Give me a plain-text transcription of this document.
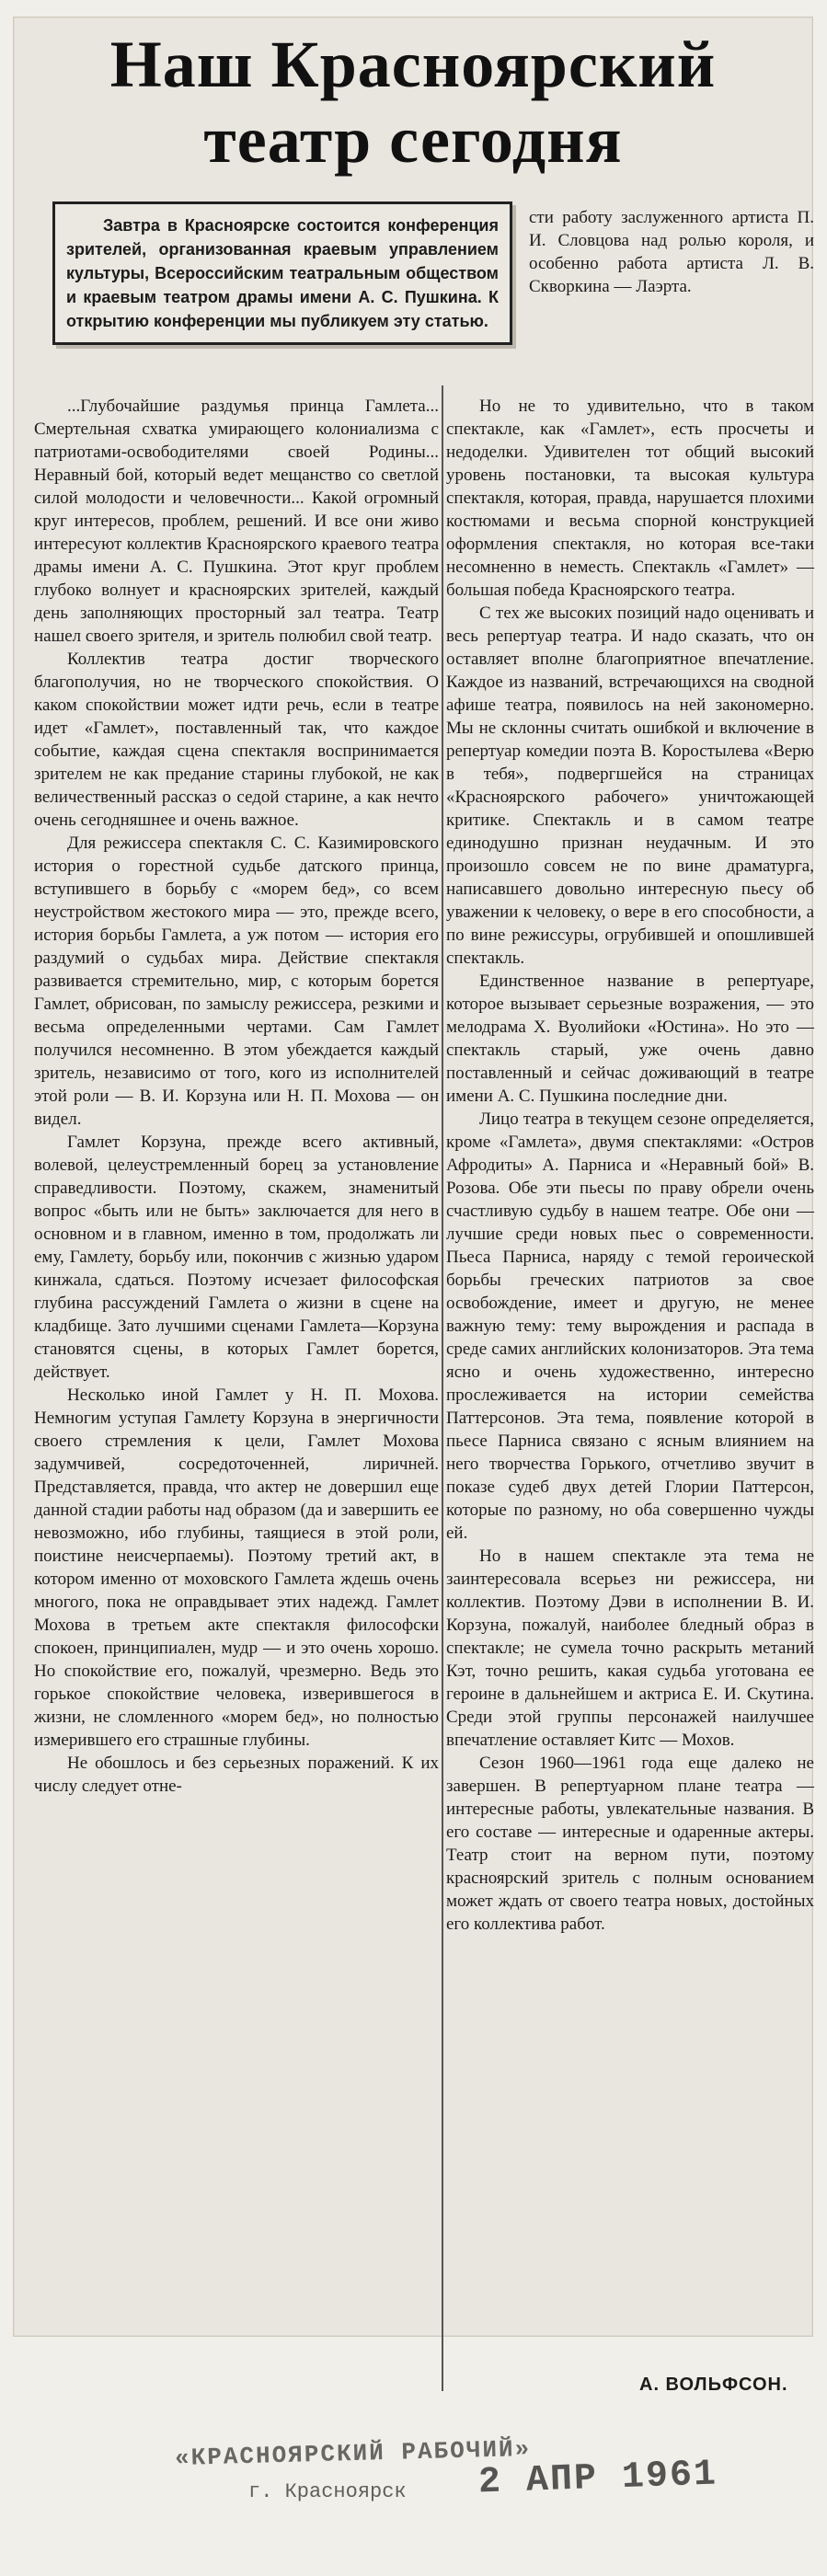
Наш Красноярский
театр сегодня
Завтра в Красноярске состоится конференция зрителей, организованная краевым управлением культуры, Всероссийским театральным обществом и краевым театром драмы имени А. С. Пушкина. К открытию конференции мы публикуем эту статью.

сти работу заслуженного артиста П. И. Словцова над ролью короля, и особенно работа артиста Л. В. Скворкина — Лаэрта.

...Глубочайшие раздумья принца Гамлета... Смертельная схватка умирающего колониализма с патриотами-освободителями своей Родины... Неравный бой, который ведет мещанство со светлой силой молодости и человечности... Какой огромный круг интересов, проблем, решений. И все они живо интересуют коллектив Красноярского краевого театра драмы имени А. С. Пушкина. Этот круг проблем глубоко волнует и красноярских зрителей, каждый день заполняющих просторный зал театра. Театр нашел своего зрителя, и зритель полюбил свой театр.

Коллектив театра достиг творческого благополучия, но не творческого спокойствия. О каком спокойствии может идти речь, если в театре идет «Гамлет», поставленный так, что каждое событие, каждая сцена спектакля воспринимается зрителем не как предание старины глубокой, не как величественный рассказ о седой старине, а как нечто очень сегодняшнее и очень важное.

Для режиссера спектакля С. С. Казимировского история о горестной судьбе датского принца, вступившего в борьбу с «морем бед», со всем неустройством жестокого мира — это, прежде всего, история борьбы Гамлета, а уж потом — история его раздумий о судьбах мира. Действие спектакля развивается стремительно, мир, с которым борется Гамлет, обрисован, по замыслу режиссера, резкими и весьма определенными чертами. Сам Гамлет получился несомненно. В этом убеждается каждый зритель, независимо от того, кого из исполнителей этой роли — В. И. Корзуна или Н. П. Мохова — он видел.

Гамлет Корзуна, прежде всего активный, волевой, целеустремленный борец за установление справедливости. Поэтому, скажем, знаменитый вопрос «быть или не быть» заключается для него в основном и в главном, именно в том, продолжать ли ему, Гамлету, борьбу или, покончив с жизнью ударом кинжала, сдаться. Поэтому исчезает философская глубина рассуждений Гамлета о жизни в сцене на кладбище. Зато лучшими сценами Гамлета—Корзуна становятся сцены, в которых Гамлет борется, действует.

Несколько иной Гамлет у Н. П. Мохова. Немногим уступая Гамлету Корзуна в энергичности своего стремления к цели, Гамлет Мохова задумчивей, сосредоточенней, лиричней. Представляется, правда, что актер не довершил еще данной стадии работы над образом (да и завершить ее невозможно, ибо глубины, таящиеся в этой роли, поистине неисчерпаемы). Поэтому третий акт, в котором именно от моховского Гамлета ждешь очень многого, пока не оправдывает этих надежд. Гамлет Мохова в третьем акте спектакля философски спокоен, принципиален, мудр — и это очень хорошо. Но спокойствие его, пожалуй, чрезмерно. Ведь это горькое спокойствие человека, изверившегося в жизни, не сломленного «морем бед», но полностью измерившего его страшные глубины.

Не обошлось и без серьезных поражений. К их числу следует отне-

Но не то удивительно, что в таком спектакле, как «Гамлет», есть просчеты и недоделки. Удивителен тот общий высокий уровень постановки, та высокая культура спектакля, которая, правда, нарушается плохими костюмами и весьма спорной конструкцией оформления спектакля, но которая все-таки несомненно в неместь. Спектакль «Гамлет» — большая победа Красноярского театра.

С тех же высоких позиций надо оценивать и весь репертуар театра. И надо сказать, что он оставляет вполне благоприятное впечатление. Каждое из названий, встречающихся на сводной афише театра, появилось на ней закономерно. Мы не склонны считать ошибкой и включение в репертуар комедии поэта В. Коростылева «Верю в тебя», подвергшейся на страницах «Красноярского рабочего» уничтожающей критике. Спектакль и в самом театре единодушно признан неудачным. И это произошло совсем не по вине драматурга, написавшего довольно интересную пьесу об уважении к человеку, о вере в его способности, а по вине режиссуры, огрубившей и опошлившей спектакль.

Единственное название в репертуаре, которое вызывает серьезные возражения, — это мелодрама Х. Вуолийоки «Юстина». Но это — спектакль старый, уже очень давно поставленный и сейчас доживающий в театре имени А. С. Пушкина последние дни.

Лицо театра в текущем сезоне определяется, кроме «Гамлета», двумя спектаклями: «Остров Афродиты» А. Парниса и «Неравный бой» В. Розова. Обе эти пьесы по праву обрели очень счастливую судьбу в нашем театре. Обе они — лучшие среди новых пьес о современности. Пьеса Парниса, наряду с темой героической борьбы греческих патриотов за свое освобождение, имеет и другую, не менее важную тему: тему вырождения и распада в среде самих английских колонизаторов. Эта тема ясно и очень художественно, интересно прослеживается на истории семейства Паттерсонов. Эта тема, появление которой в пьесе Парниса связано с ясным влиянием на него творчества Горького, отчетливо звучит в показе судеб двух детей Глории Паттерсон, которые по разному, но оба совершенно чужды ей.

Но в нашем спектакле эта тема не заинтересовала всерьез ни режиссера, ни коллектив. Поэтому Дэви в исполнении В. И. Корзуна, пожалуй, наиболее бледный образ в спектакле; не сумела точно раскрыть метаний Кэт, точно решить, какая судьба уготована ее героине в дальнейшем и актриса Е. И. Скутина. Среди этой группы персонажей наилучшее впечатление оставляет Китс — Мохов.

Сезон 1960—1961 года еще далеко не завершен. В репертуарном плане театра — интересные работы, увлекательные названия. В его составе — интересные и одаренные актеры. Театр стоит на верном пути, поэтому красноярский зритель с полным основанием может ждать от своего театра новых, достойных его коллектива работ.

А. ВОЛЬФСОН.
«КРАСНОЯРСКИЙ РАБОЧИЙ»
г. Красноярск 2 АПР 1961
